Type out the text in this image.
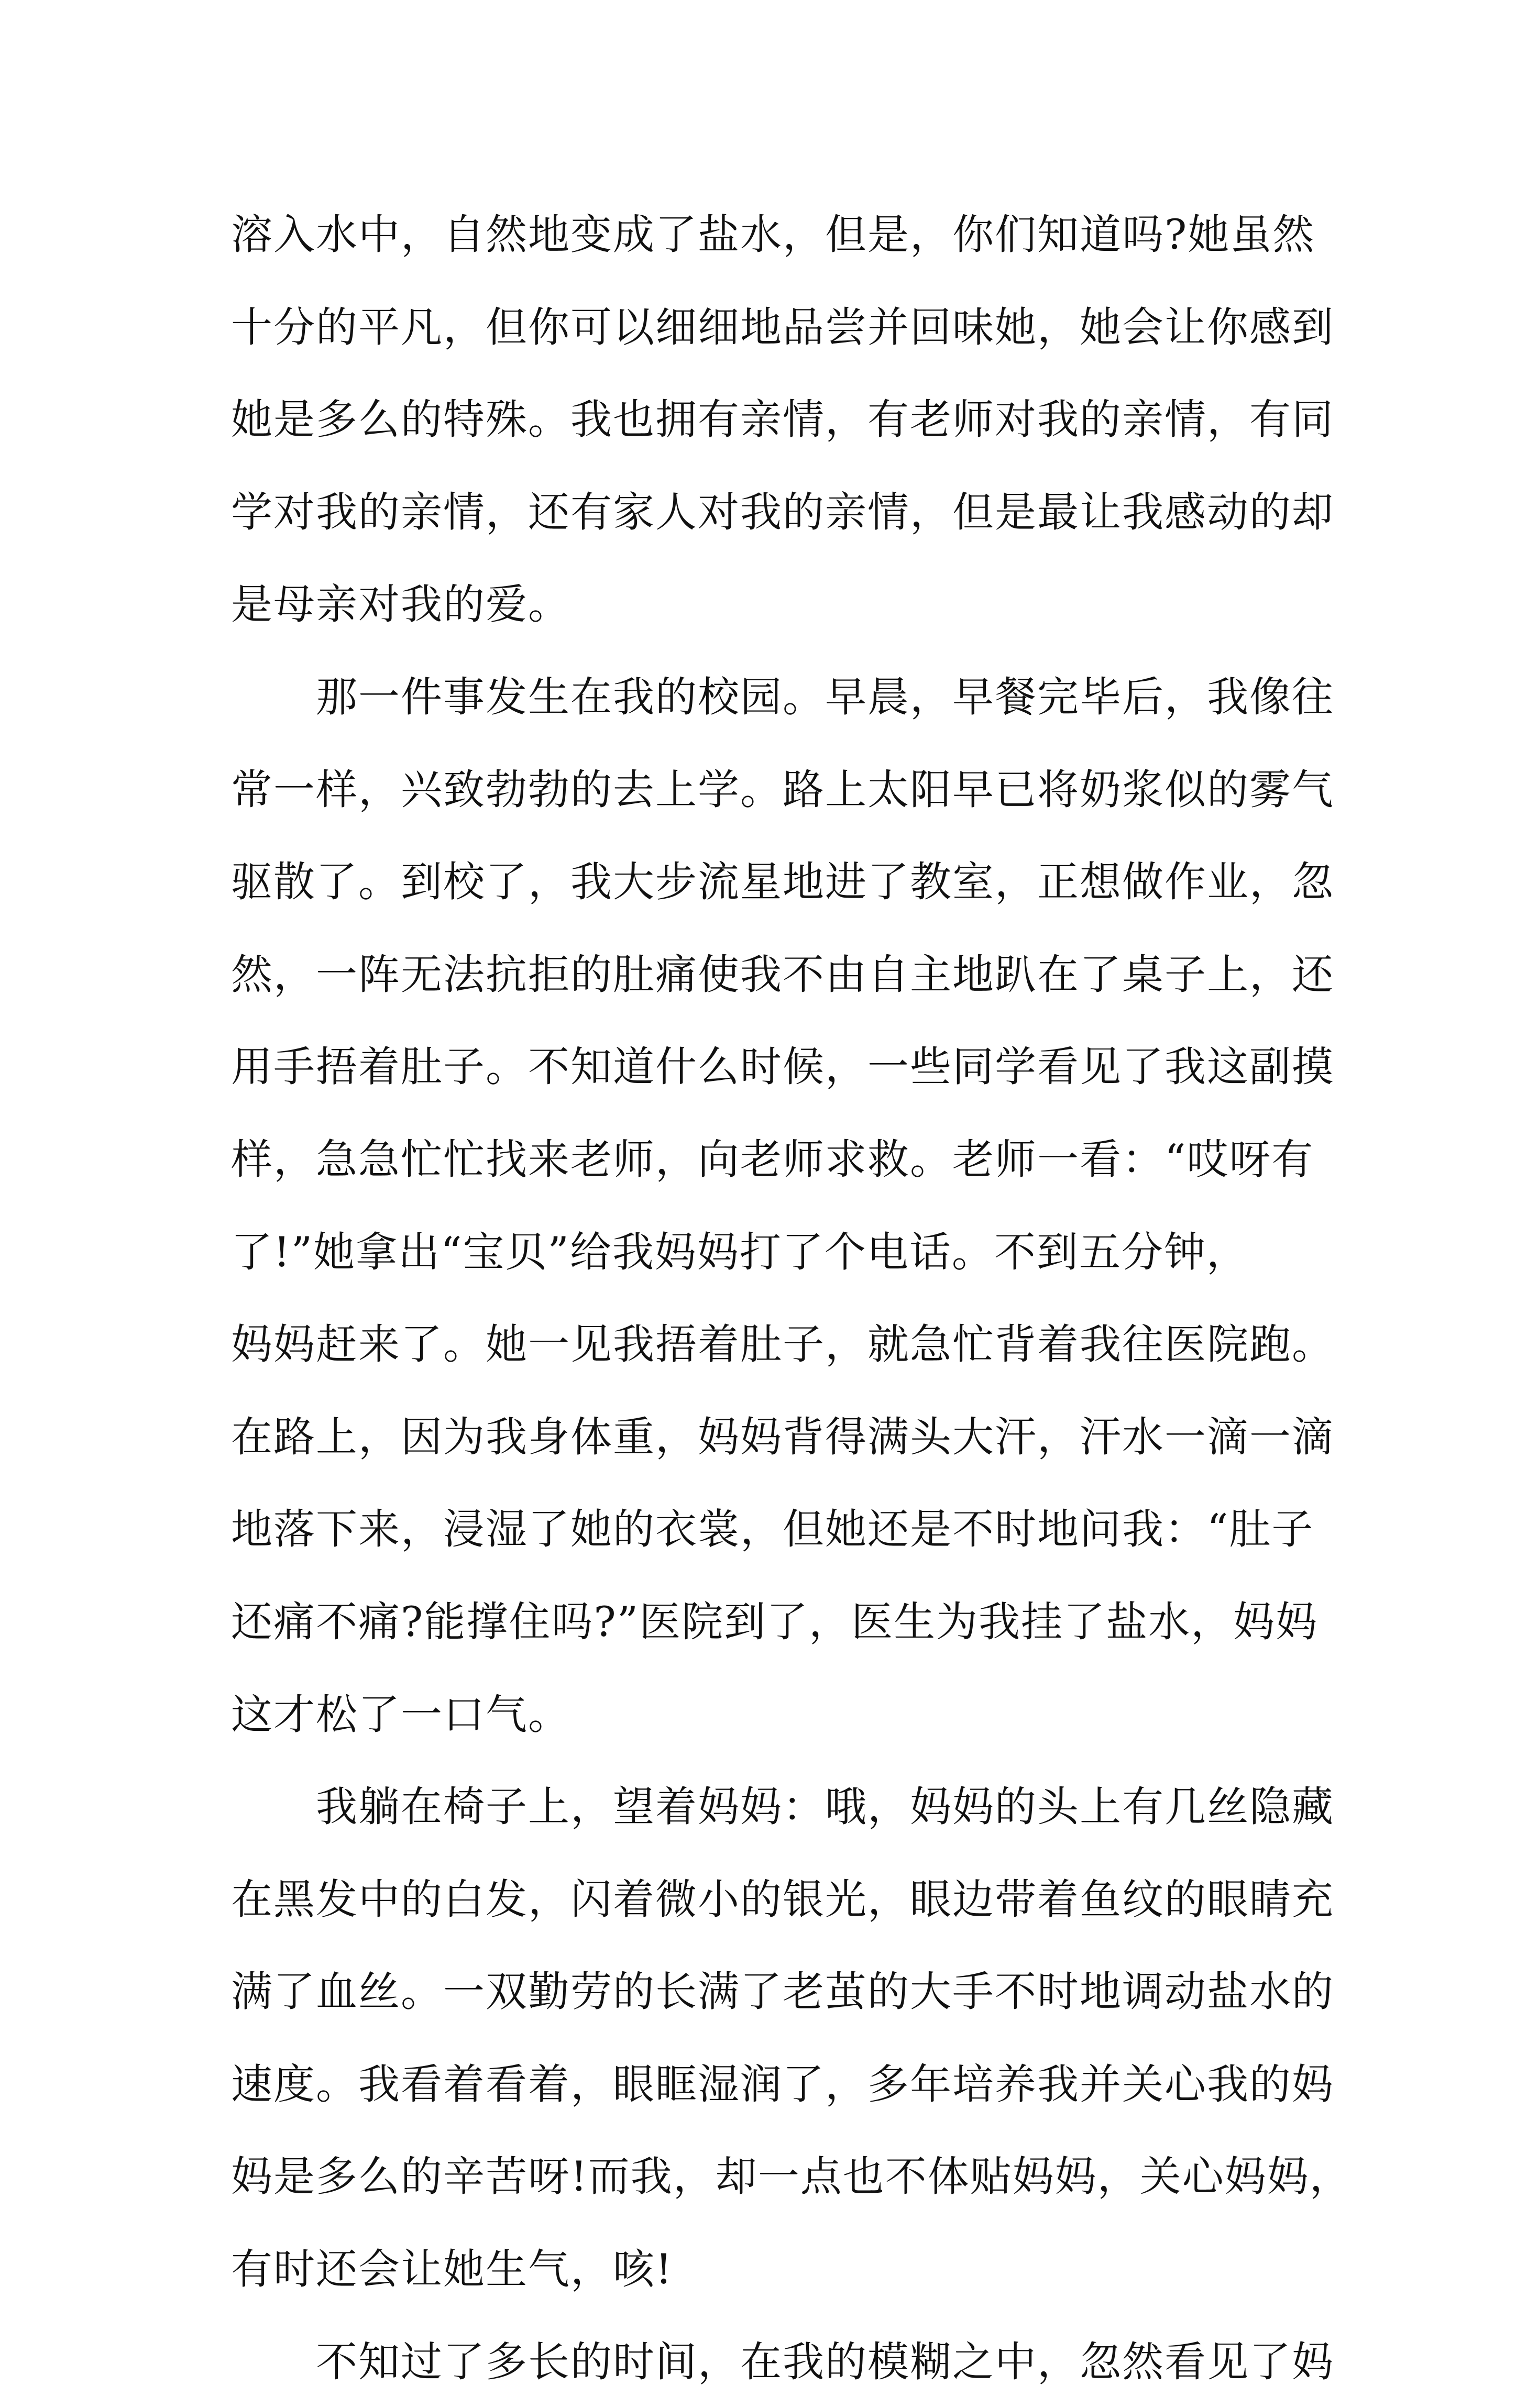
溶入水中，自然地变成了盐水，但是，你们知道吗?她虽然
十分的平凡，但你可以细细地品尝并回味她，她会让你感到
她是多么的特殊。我也拥有亲情，有老师对我的亲情，有同
学对我的亲情，还有家人对我的亲情，但是最让我感动的却
是母亲对我的爱。
　　那一件事发生在我的校园。早晨，早餐完毕后，我像往
常一样，兴致勃勃的去上学。路上太阳早已将奶浆似的雾气
驱散了。到校了，我大步流星地进了教室，正想做作业，忽
然，一阵无法抗拒的肚痛使我不由自主地趴在了桌子上，还
用手捂着肚子。不知道什么时候，一些同学看见了我这副摸
样，急急忙忙找来老师，向老师求救。老师一看：“哎呀有
了!”她拿出“宝贝”给我妈妈打了个电话。不到五分钟，
妈妈赶来了。她一见我捂着肚子，就急忙背着我往医院跑。
在路上，因为我身体重，妈妈背得满头大汗，汗水一滴一滴
地落下来，浸湿了她的衣裳，但她还是不时地问我：“肚子
还痛不痛?能撑住吗?”医院到了，医生为我挂了盐水，妈妈
这才松了一口气。
　　我躺在椅子上，望着妈妈：哦，妈妈的头上有几丝隐藏
在黑发中的白发，闪着微小的银光，眼边带着鱼纹的眼睛充
满了血丝。一双勤劳的长满了老茧的大手不时地调动盐水的
速度。我看着看着，眼眶湿润了，多年培养我并关心我的妈
妈是多么的辛苦呀!而我，却一点也不体贴妈妈，关心妈妈，
有时还会让她生气，咳!
　　不知过了多长的时间，在我的模糊之中，忽然看见了妈
